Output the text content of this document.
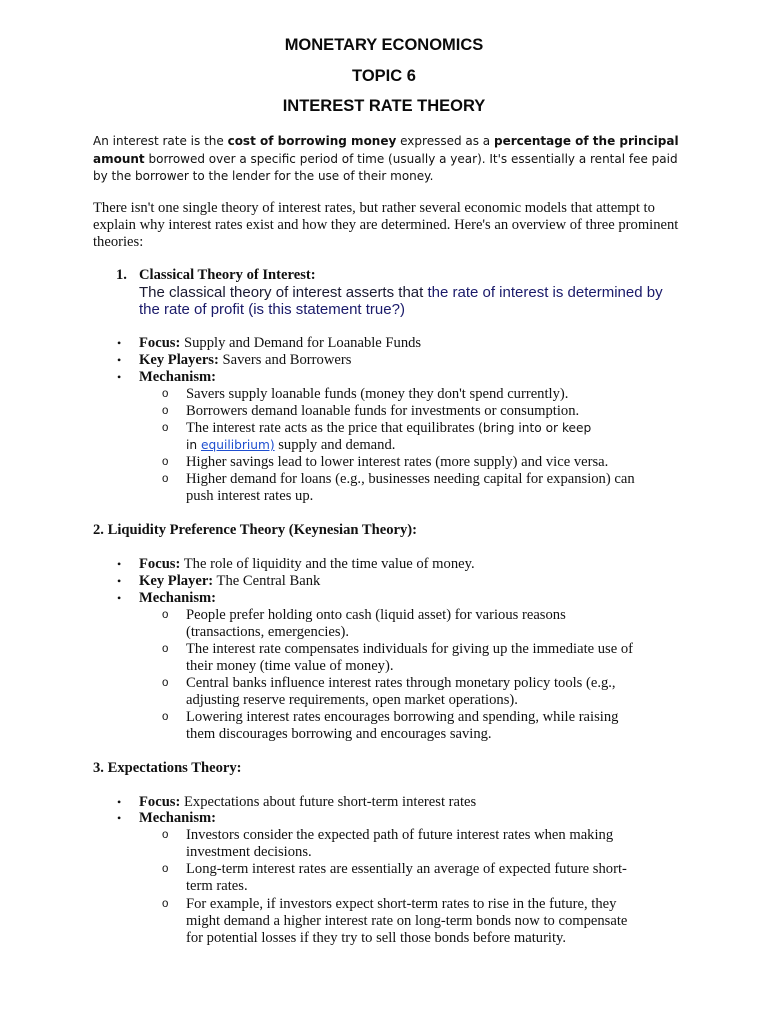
MONETARY ECONOMICS
TOPIC 6
INTEREST RATE THEORY
An interest rate is the cost of borrowing money expressed as a percentage of the principal amount borrowed over a specific period of time (usually a year). It's essentially a rental fee paid by the borrower to the lender for the use of their money.
There isn't one single theory of interest rates, but rather several economic models that attempt to explain why interest rates exist and how they are determined. Here's an overview of three prominent theories:
1. Classical Theory of Interest:
The classical theory of interest asserts that the rate of interest is determined by the rate of profit (is this statement true?)
• Focus: Supply and Demand for Loanable Funds
• Key Players: Savers and Borrowers
• Mechanism:
o Savers supply loanable funds (money they don't spend currently).
o Borrowers demand loanable funds for investments or consumption.
o The interest rate acts as the price that equilibrates (bring into or keep
in equilibrium) supply and demand.
o Higher savings lead to lower interest rates (more supply) and vice versa.
o Higher demand for loans (e.g., businesses needing capital for expansion) can
push interest rates up.
2. Liquidity Preference Theory (Keynesian Theory):
• Focus: The role of liquidity and the time value of money.
• Key Player: The Central Bank
• Mechanism:
o People prefer holding onto cash (liquid asset) for various reasons
(transactions, emergencies).
o The interest rate compensates individuals for giving up the immediate use of
their money (time value of money).
o Central banks influence interest rates through monetary policy tools (e.g.,
adjusting reserve requirements, open market operations).
o Lowering interest rates encourages borrowing and spending, while raising
them discourages borrowing and encourages saving.
3. Expectations Theory:
• Focus: Expectations about future short-term interest rates
• Mechanism:
o Investors consider the expected path of future interest rates when making
investment decisions.
o Long-term interest rates are essentially an average of expected future short-
term rates.
o For example, if investors expect short-term rates to rise in the future, they
might demand a higher interest rate on long-term bonds now to compensate
for potential losses if they try to sell those bonds before maturity.
